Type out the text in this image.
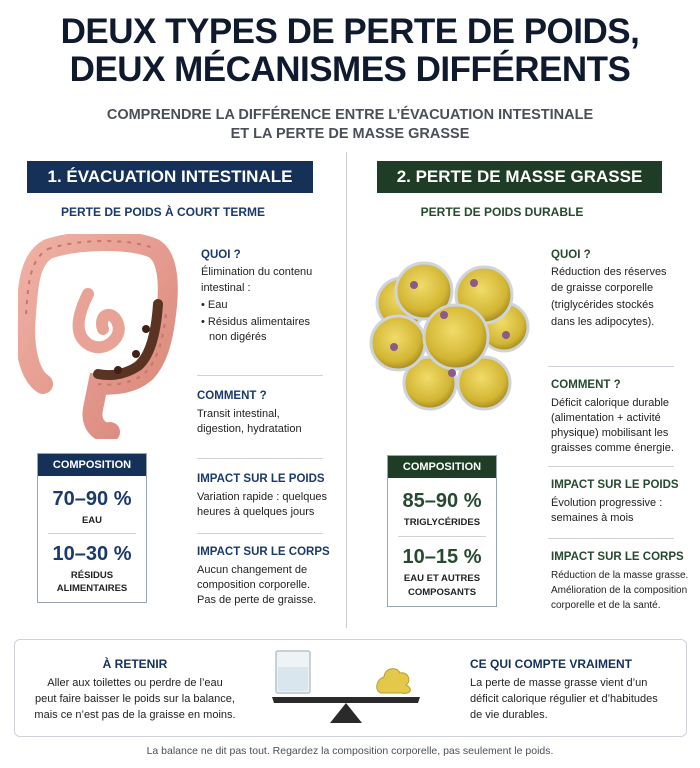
DEUX TYPES DE PERTE DE POIDS,
DEUX MÉCANISMES DIFFÉRENTS
COMPRENDRE LA DIFFÉRENCE ENTRE L’ÉVACUATION INTESTINALE
ET LA PERTE DE MASSE GRASSE
1. ÉVACUATION INTESTINALE
PERTE DE POIDS À COURT TERME
QUOI ?
Élimination du contenu
intestinal :
• Eau
• Résidus alimentaires
non digérés
COMMENT ?
Transit intestinal,
digestion, hydratation
IMPACT SUR LE POIDS
Variation rapide : quelques
heures à quelques jours
IMPACT SUR LE CORPS
Aucun changement de
composition corporelle.
Pas de perte de graisse.
COMPOSITION
70–90 %
EAU
10–30 %
RÉSIDUS
ALIMENTAIRES
2. PERTE DE MASSE GRASSE
PERTE DE POIDS DURABLE
QUOI ?
Réduction des réserves
de graisse corporelle
(triglycérides stockés
dans les adipocytes).
COMMENT ?
Déficit calorique durable
(alimentation + activité
physique) mobilisant les
graisses comme énergie.
IMPACT SUR LE POIDS
Évolution progressive :
semaines à mois
IMPACT SUR LE CORPS
Réduction de la masse grasse.
Amélioration de la composition
corporelle et de la santé.
COMPOSITION
85–90 %
TRIGLYCÉRIDES
10–15 %
EAU ET AUTRES
COMPOSANTS
À RETENIR
Aller aux toilettes ou perdre de l’eau
peut faire baisser le poids sur la balance,
mais ce n’est pas de la graisse en moins.
CE QUI COMPTE VRAIMENT
La perte de masse grasse vient d’un
déficit calorique régulier et d’habitudes
de vie durables.
La balance ne dit pas tout. Regardez la composition corporelle, pas seulement le poids.
